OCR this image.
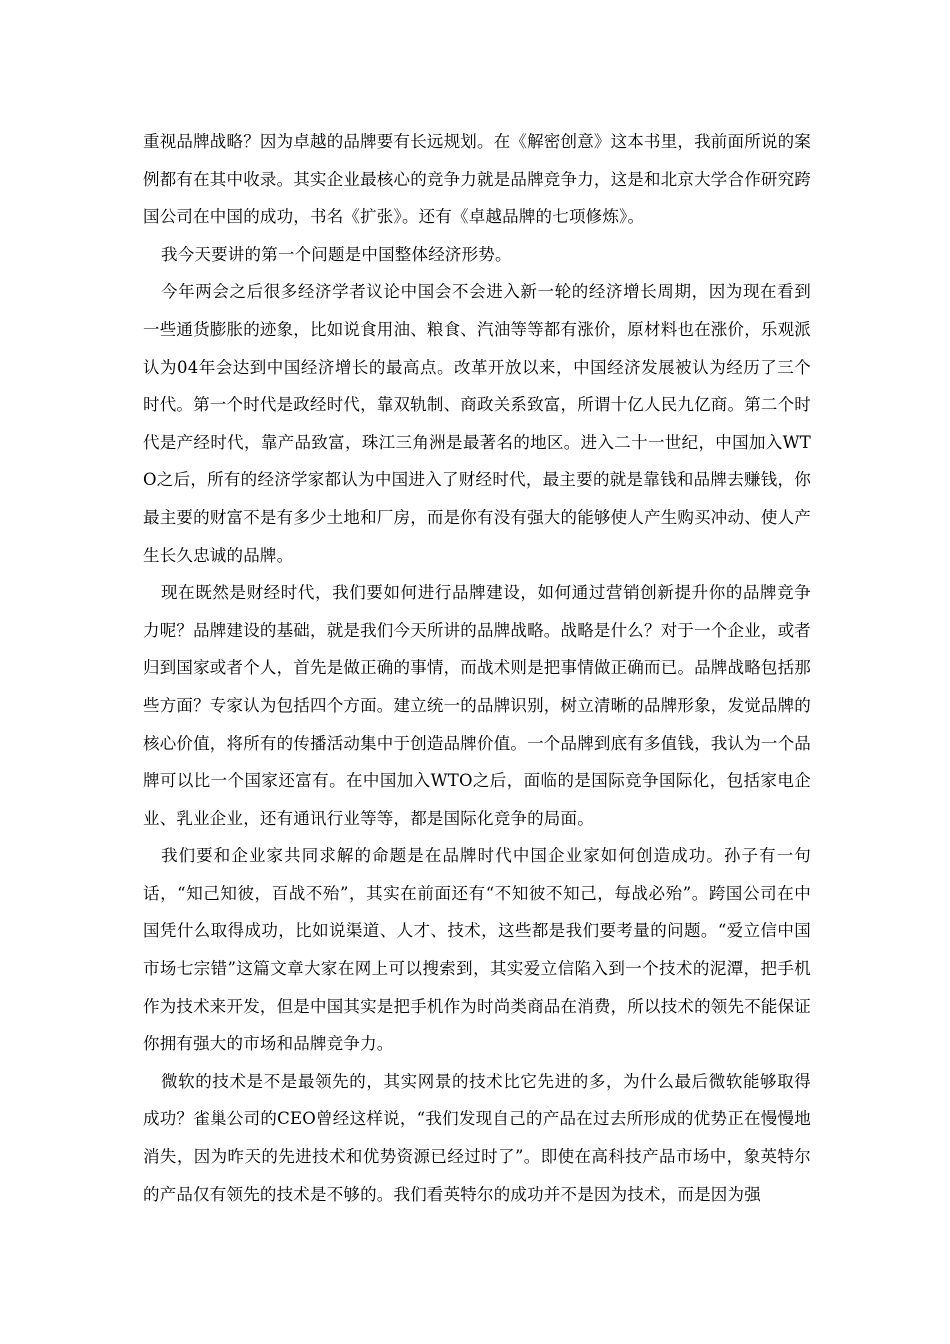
重视品牌战略？因为卓越的品牌要有长远规划。在《解密创意》这本书里，我前面所说的案例都有在其中收录。其实企业最核心的竞争力就是品牌竞争力，这是和北京大学合作研究跨国公司在中国的成功，书名《扩张》。还有《卓越品牌的七项修炼》。

我今天要讲的第一个问题是中国整体经济形势。

今年两会之后很多经济学者议论中国会不会进入新一轮的经济增长周期，因为现在看到一些通货膨胀的迹象，比如说食用油、粮食、汽油等等都有涨价，原材料也在涨价，乐观派认为04年会达到中国经济增长的最高点。改革开放以来，中国经济发展被认为经历了三个时代。第一个时代是政经时代，靠双轨制、商政关系致富，所谓十亿人民九亿商。第二个时代是产经时代，靠产品致富，珠江三角洲是最著名的地区。进入二十一世纪，中国加入WTO之后，所有的经济学家都认为中国进入了财经时代，最主要的就是靠钱和品牌去赚钱，你最主要的财富不是有多少土地和厂房，而是你有没有强大的能够使人产生购买冲动、使人产生长久忠诚的品牌。

现在既然是财经时代，我们要如何进行品牌建设，如何通过营销创新提升你的品牌竞争力呢？品牌建设的基础，就是我们今天所讲的品牌战略。战略是什么？对于一个企业，或者归到国家或者个人，首先是做正确的事情，而战术则是把事情做正确而已。品牌战略包括那些方面？专家认为包括四个方面。建立统一的品牌识别，树立清晰的品牌形象，发觉品牌的核心价值，将所有的传播活动集中于创造品牌价值。一个品牌到底有多值钱，我认为一个品牌可以比一个国家还富有。在中国加入WTO之后，面临的是国际竞争国际化，包括家电企业、乳业企业，还有通讯行业等等，都是国际化竞争的局面。

我们要和企业家共同求解的命题是在品牌时代中国企业家如何创造成功。孙子有一句话，“知己知彼，百战不殆”，其实在前面还有“不知彼不知己，每战必殆”。跨国公司在中国凭什么取得成功，比如说渠道、人才、技术，这些都是我们要考量的问题。“爱立信中国市场七宗错”这篇文章大家在网上可以搜索到，其实爱立信陷入到一个技术的泥潭，把手机作为技术来开发，但是中国其实是把手机作为时尚类商品在消费，所以技术的领先不能保证你拥有强大的市场和品牌竞争力。

微软的技术是不是最领先的，其实网景的技术比它先进的多，为什么最后微软能够取得成功？雀巢公司的CEO曾经这样说，“我们发现自己的产品在过去所形成的优势正在慢慢地消失，因为昨天的先进技术和优势资源已经过时了”。即使在高科技产品市场中，象英特尔的产品仅有领先的技术是不够的。我们看英特尔的成功并不是因为技术，而是因为强
